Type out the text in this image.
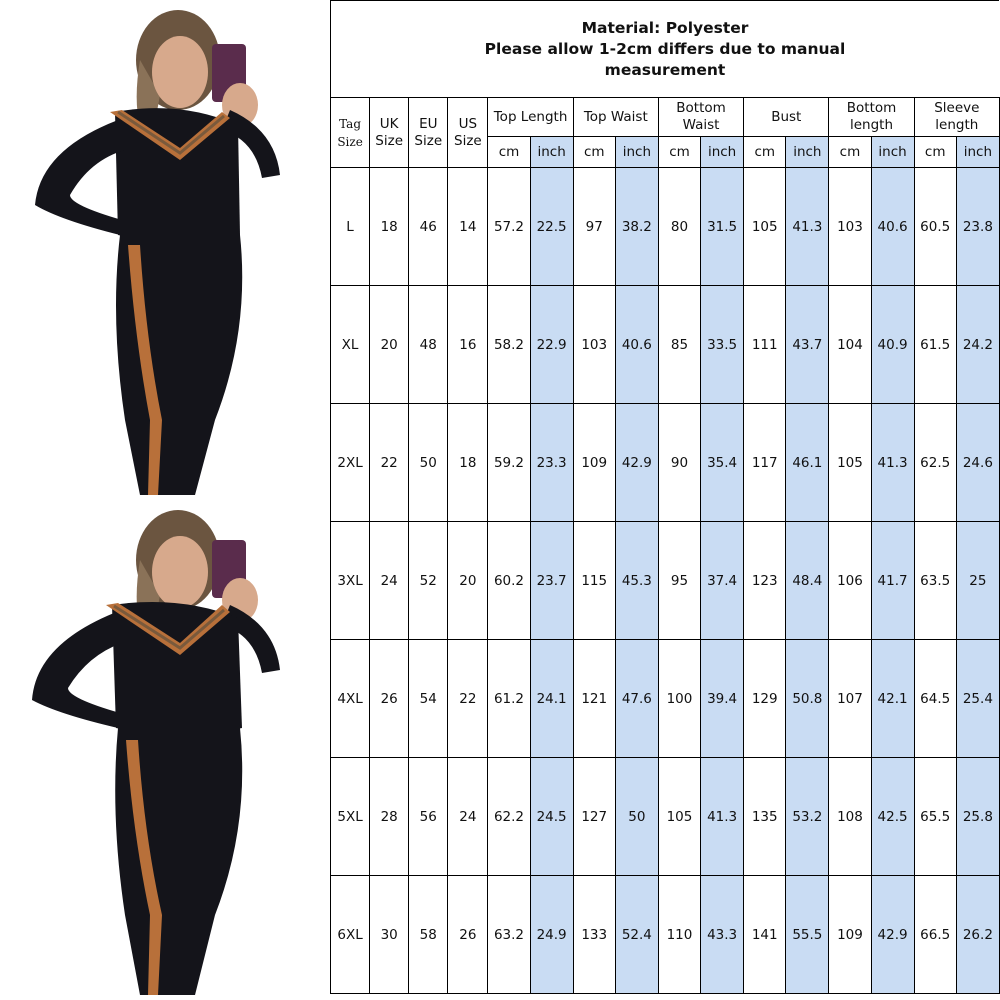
Material: Polyester
Please allow 1-2cm differs due to manual
measurement
Tag Size	UK Size	EU Size	US Size	Top Length		Top Waist		Bottom Waist		Bust		Bottom length		Sleeve length	
				cm	inch	cm	inch	cm	inch	cm	inch	cm	inch	cm	inch
L	18	46	14	57.2	22.5	97	38.2	80	31.5	105	41.3	103	40.6	60.5	23.8
XL	20	48	16	58.2	22.9	103	40.6	85	33.5	111	43.7	104	40.9	61.5	24.2
2XL	22	50	18	59.2	23.3	109	42.9	90	35.4	117	46.1	105	41.3	62.5	24.6
3XL	24	52	20	60.2	23.7	115	45.3	95	37.4	123	48.4	106	41.7	63.5	25
4XL	26	54	22	61.2	24.1	121	47.6	100	39.4	129	50.8	107	42.1	64.5	25.4
5XL	28	56	24	62.2	24.5	127	50	105	41.3	135	53.2	108	42.5	65.5	25.8
6XL	30	58	26	63.2	24.9	133	52.4	110	43.3	141	55.5	109	42.9	66.5	26.2
